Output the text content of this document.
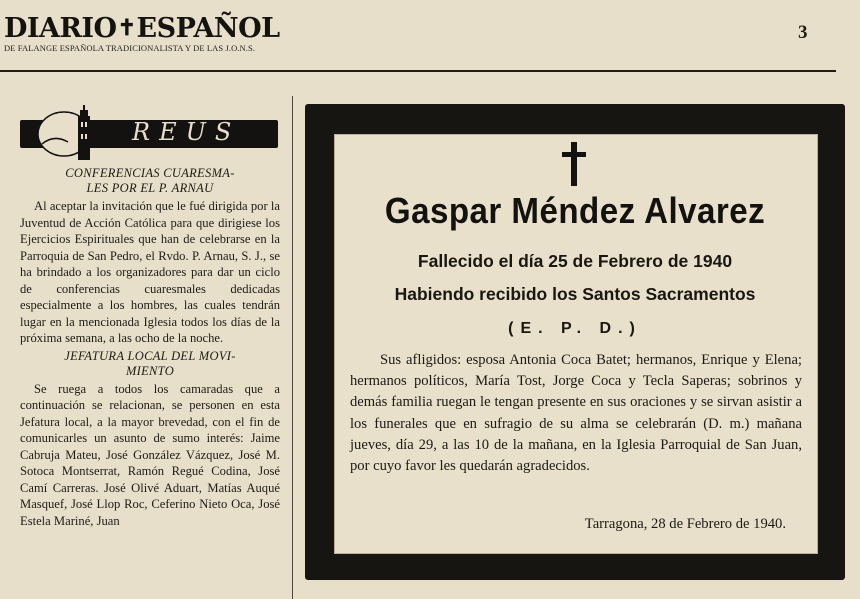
DIARIO✝ESPAÑOL
DE FALANGE ESPAÑOLA TRADICIONALISTA Y DE LAS J.O.N.S.
3
REUS
CONFERENCIAS CUARESMA-
LES POR EL P. ARNAU

Al aceptar la invitación que le fué dirigida por la Juventud de Acción Católica para que dirigiese los Ejercicios Espirituales que han de celebrarse en la Parroquia de San Pedro, el Rvdo. P. Arnau, S. J., se ha brindado a los organizadores para dar un ciclo de conferencias cuaresmales dedicadas especialmente a los hombres, las cuales tendrán lugar en la mencionada Iglesia todos los días de la próxima semana, a las ocho de la noche.

JEFATURA LOCAL DEL MOVI-
MIENTO

Se ruega a todos los camaradas que a continuación se relacionan, se personen en esta Jefatura local, a la mayor brevedad, con el fin de comunicarles un asunto de sumo interés: Jaime Cabruja Mateu, José González Vázquez, José M. Sotoca Montserrat, Ramón Regué Codina, José Camí Carreras. José Olivé Aduart, Matías Auqué Masquef, José Llop Roc, Ceferino Nieto Oca, José Estela Mariné, Juan

Gaspar Méndez Alvarez
Fallecido el día 25 de Febrero de 1940
Habiendo recibido los Santos Sacramentos
(E. P. D.)
Sus afligidos: esposa Antonia Coca Batet; hermanos, Enrique y Elena; hermanos políticos, María Tost, Jorge Coca y Tecla Saperas; sobrinos y demás familia ruegan le tengan presente en sus oraciones y se sirvan asistir a los funerales que en sufragio de su alma se celebrarán (D. m.) mañana jueves, día 29, a las 10 de la mañana, en la Iglesia Parroquial de San Juan, por cuyo favor les quedarán agradecidos.
Tarragona, 28 de Febrero de 1940.
